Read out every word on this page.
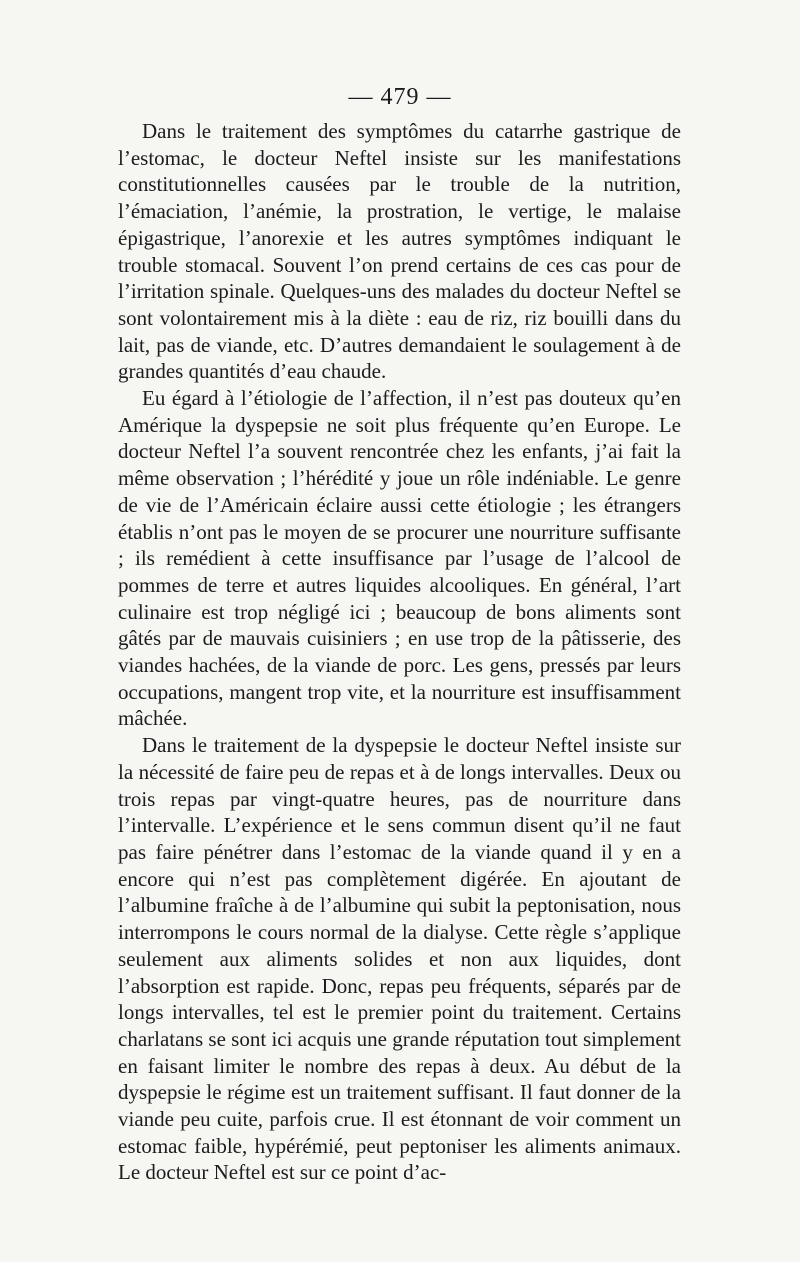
— 479 —

Dans le traitement des symptômes du catarrhe gastrique de l’estomac, le docteur Neftel insiste sur les manifestations constitutionnelles causées par le trouble de la nutrition, l’émaciation, l’anémie, la prostration, le vertige, le malaise épigastrique, l’anorexie et les autres symptômes indiquant le trouble stomacal. Souvent l’on prend certains de ces cas pour de l’irritation spinale. Quelques-uns des malades du docteur Neftel se sont volontairement mis à la diète : eau de riz, riz bouilli dans du lait, pas de viande, etc. D’autres demandaient le soulagement à de grandes quantités d’eau chaude.

Eu égard à l’étiologie de l’affection, il n’est pas douteux qu’en Amérique la dyspepsie ne soit plus fréquente qu’en Europe. Le docteur Neftel l’a souvent rencontrée chez les enfants, j’ai fait la même observation ; l’hérédité y joue un rôle indéniable. Le genre de vie de l’Américain éclaire aussi cette étiologie ; les étrangers établis n’ont pas le moyen de se procurer une nourriture suffisante ; ils remédient à cette insuffisance par l’usage de l’alcool de pommes de terre et autres liquides alcooliques. En général, l’art culinaire est trop négligé ici ; beaucoup de bons aliments sont gâtés par de mauvais cuisiniers ; en use trop de la pâtisserie, des viandes hachées, de la viande de porc. Les gens, pressés par leurs occupations, mangent trop vite, et la nourriture est insuffisamment mâchée.

Dans le traitement de la dyspepsie le docteur Neftel insiste sur la nécessité de faire peu de repas et à de longs intervalles. Deux ou trois repas par vingt-quatre heures, pas de nourriture dans l’intervalle. L’expérience et le sens commun disent qu’il ne faut pas faire pénétrer dans l’estomac de la viande quand il y en a encore qui n’est pas complètement digérée. En ajoutant de l’albumine fraîche à de l’albumine qui subit la peptonisation, nous interrompons le cours normal de la dialyse. Cette règle s’applique seulement aux aliments solides et non aux liquides, dont l’absorption est rapide. Donc, repas peu fréquents, séparés par de longs intervalles, tel est le premier point du traitement. Certains charlatans se sont ici acquis une grande réputation tout simplement en faisant limiter le nombre des repas à deux. Au début de la dyspepsie le régime est un traitement suffisant. Il faut donner de la viande peu cuite, parfois crue. Il est étonnant de voir comment un estomac faible, hypérémié, peut peptoniser les aliments animaux. Le docteur Neftel est sur ce point d’ac-
